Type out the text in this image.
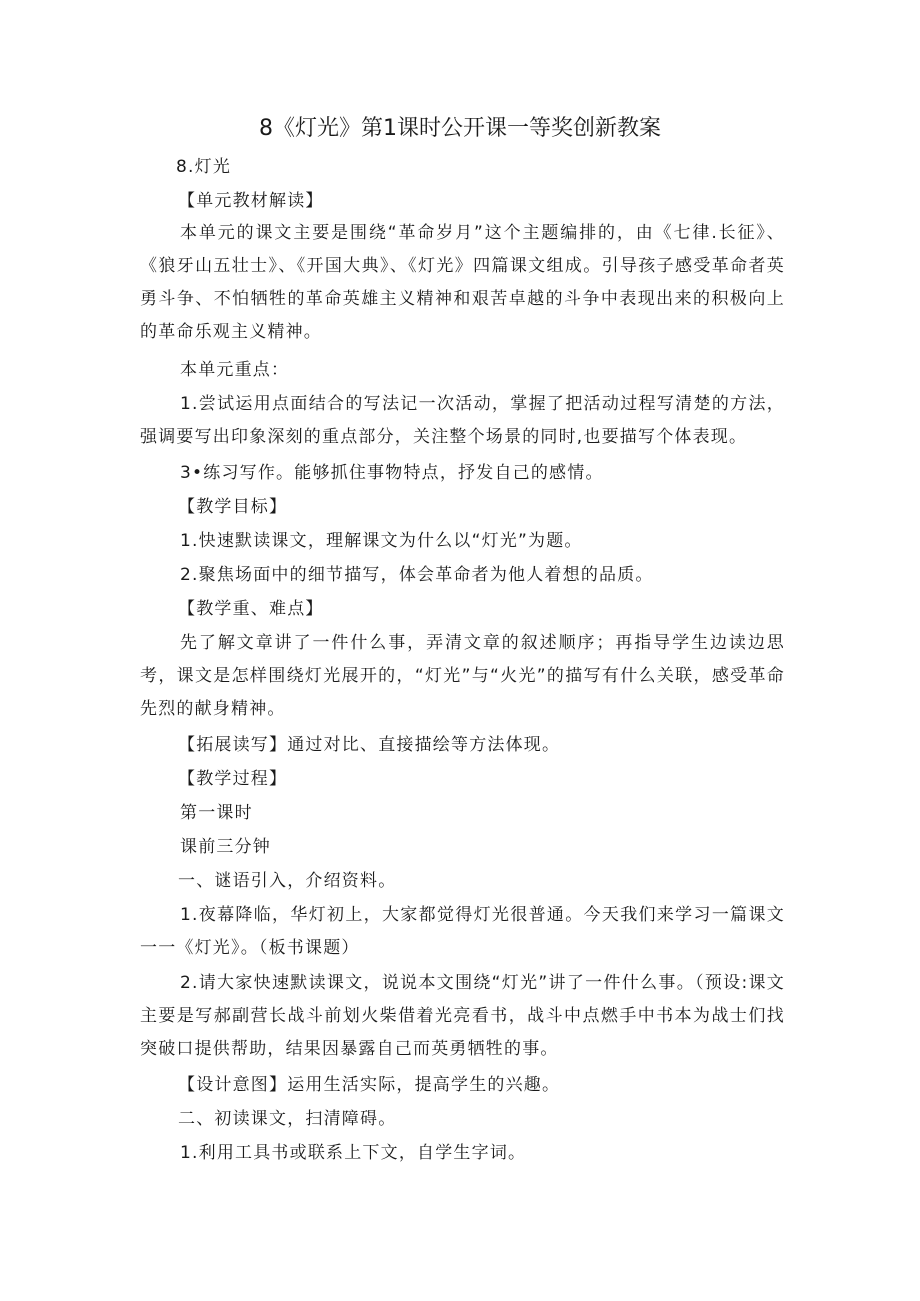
8《灯光》第1课时公开课一等奖创新教案

8.灯光

【单元教材解读】

本单元的课文主要是围绕“革命岁月”这个主题编排的，由《七律.长征》、《狼牙山五壮士》、《开国大典》、《灯光》四篇课文组成。引导孩子感受革命者英勇斗争、不怕牺牲的革命英雄主义精神和艰苦卓越的斗争中表现出来的积极向上的革命乐观主义精神。

本单元重点：

1.尝试运用点面结合的写法记一次活动，掌握了把活动过程写清楚的方法，强调要写出印象深刻的重点部分，关注整个场景的同时,也要描写个体表现。

3•练习写作。能够抓住事物特点，抒发自己的感情。

【教学目标】

1.快速默读课文，理解课文为什么以“灯光”为题。

2.聚焦场面中的细节描写，体会革命者为他人着想的品质。

【教学重、难点】

先了解文章讲了一件什么事，弄清文章的叙述顺序；再指导学生边读边思考，课文是怎样围绕灯光展开的，“灯光”与“火光”的描写有什么关联，感受革命先烈的献身精神。

【拓展读写】通过对比、直接描绘等方法体现。

【教学过程】

第一课时

课前三分钟

一、谜语引入，介绍资料。

1.夜幕降临，华灯初上，大家都觉得灯光很普通。今天我们来学习一篇课文一一《灯光》。（板书课题）

2.请大家快速默读课文，说说本文围绕“灯光”讲了一件什么事。（预设:课文主要是写郝副营长战斗前划火柴借着光亮看书，战斗中点燃手中书本为战士们找突破口提供帮助，结果因暴露自己而英勇牺牲的事。

【设计意图】运用生活实际，提高学生的兴趣。

二、初读课文，扫清障碍。

1.利用工具书或联系上下文，自学生字词。
